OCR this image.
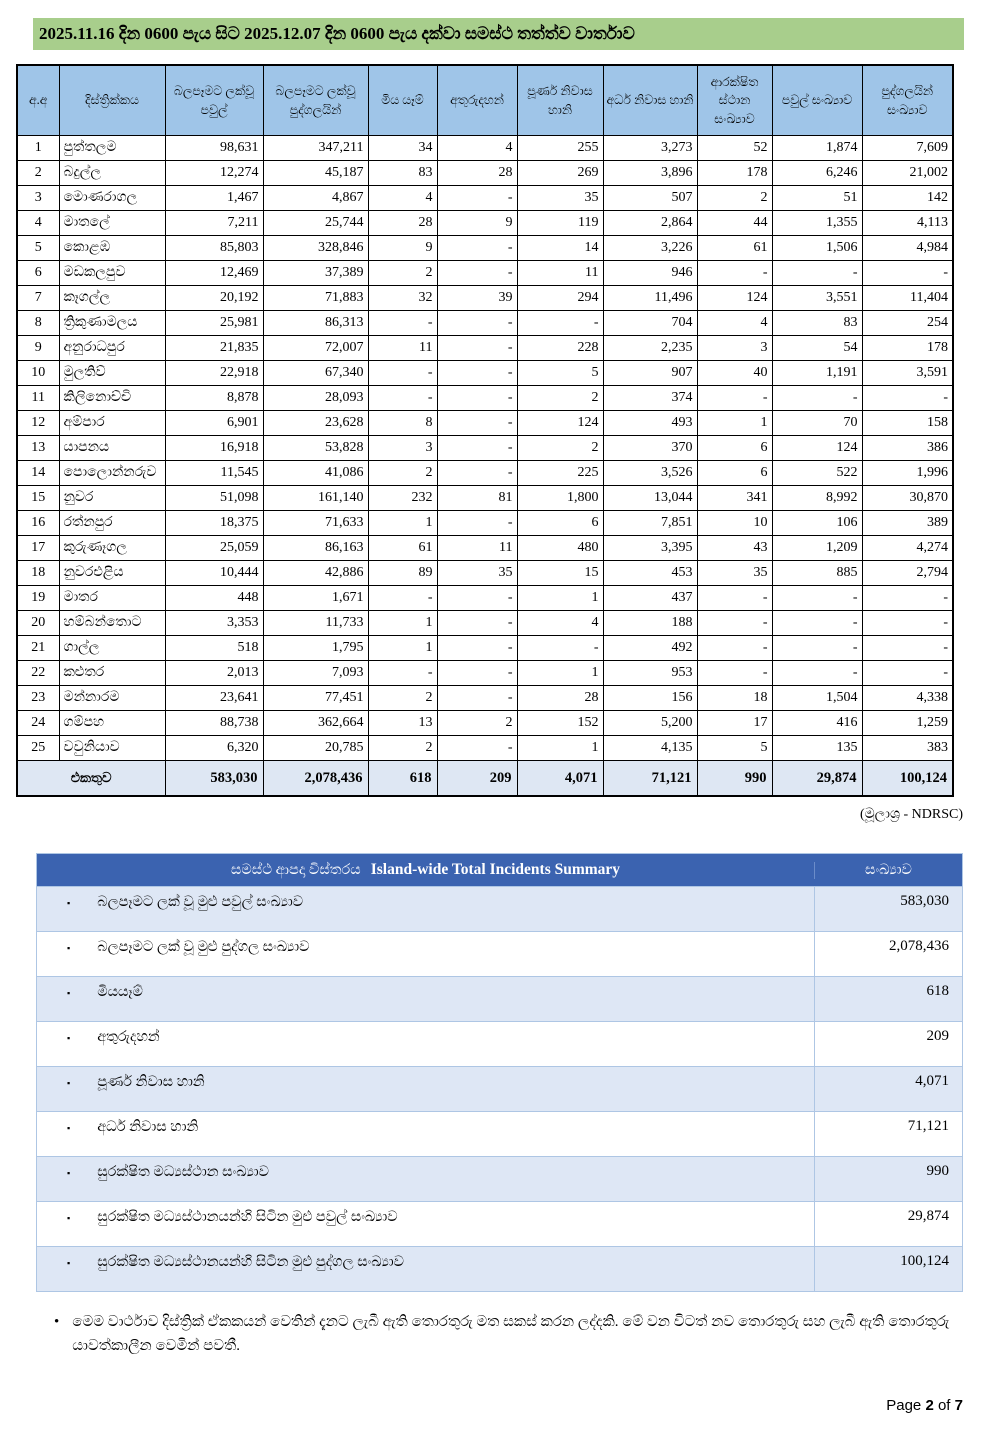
2025.11.16 දින 0600 පැය සිට 2025.12.07 දින 0600 පැය දක්වා සමස්ථ තත්ත්ව වාර්තාව
අ.අ	දිස්ත්‍රික්කය	බලපෑමට ලක්වූ පවුල්	බලපෑමට ලක්වූ පුද්ගලයින්	මිය යෑම්	අතුරුදහන්	පූර්ණ නිවාස හානි	අර්ධ නිවාස හානි	ආරක්ෂිත ස්ථාන සංඛ්‍යාව	පවුල් සංඛ්‍යාව	පුද්ගලයින් සංඛ්‍යාව
1	පුත්තලම	98,631	347,211	34	4	255	3,273	52	1,874	7,609
2	බදුල්ල	12,274	45,187	83	28	269	3,896	178	6,246	21,002
3	මොණරාගල	1,467	4,867	4	-	35	507	2	51	142
4	මාතලේ	7,211	25,744	28	9	119	2,864	44	1,355	4,113
5	කොළඹ	85,803	328,846	9	-	14	3,226	61	1,506	4,984
6	මඩකලපුව	12,469	37,389	2	-	11	946	-	-	-
7	කෑගල්ල	20,192	71,883	32	39	294	11,496	124	3,551	11,404
8	ත්‍රිකුණාමලය	25,981	86,313	-	-	-	704	4	83	254
9	අනුරාධපුර	21,835	72,007	11	-	228	2,235	3	54	178
10	මුලතිව්	22,918	67,340	-	-	5	907	40	1,191	3,591
11	කිලිනොච්චි	8,878	28,093	-	-	2	374	-	-	-
12	අම්පාර	6,901	23,628	8	-	124	493	1	70	158
13	යාපනය	16,918	53,828	3	-	2	370	6	124	386
14	පොලොන්නරුව	11,545	41,086	2	-	225	3,526	6	522	1,996
15	නුවර	51,098	161,140	232	81	1,800	13,044	341	8,992	30,870
16	රත්නපුර	18,375	71,633	1	-	6	7,851	10	106	389
17	කුරුණෑගල	25,059	86,163	61	11	480	3,395	43	1,209	4,274
18	නුවරඑළිය	10,444	42,886	89	35	15	453	35	885	2,794
19	මාතර	448	1,671	-	-	1	437	-	-	-
20	හම්බන්තොට	3,353	11,733	1	-	4	188	-	-	-
21	ගාල්ල	518	1,795	1	-	-	492	-	-	-
22	කළුතර	2,013	7,093	-	-	1	953	-	-	-
23	මන්නාරම	23,641	77,451	2	-	28	156	18	1,504	4,338
24	ගම්පහ	88,738	362,664	13	2	152	5,200	17	416	1,259
25	වවුනියාව	6,320	20,785	2	-	1	4,135	5	135	383
එකතුව		583,030	2,078,436	618	209	4,071	71,121	990	29,874	100,124
(මූලාශ්‍ර - NDRSC)
සමස්ථ ආපදා විස්තරය Island-wide Total Incidents Summary	සංඛ්‍යාව
▪ බලපෑමට ලක් වූ මුළු පවුල් සංඛ්‍යාව	583,030
▪ බලපෑමට ලක් වූ මුළු පුද්ගල සංඛ්‍යාව	2,078,436
▪ මියයෑම්	618
▪ අතුරුදහන්	209
▪ පූර්ණ නිවාස හානි	4,071
▪ අර්ධ නිවාස හානි	71,121
▪ සුරක්ෂිත මධ්‍යස්ථාන සංඛ්‍යාව	990
▪ සුරක්ෂිත මධ්‍යස්ථානයන්හි සිටින මුළු පවුල් සංඛ්‍යාව	29,874
▪ සුරක්ෂිත මධ්‍යස්ථානයන්හි සිටින මුළු පුද්ගල සංඛ්‍යාව	100,124
• මෙම වාර්ථාව දිස්ත්‍රික් ඒකකයන් වෙතින් දැනට ලැබී ඇති තොරතුරු මත සකස් කරන ලද්දකි. මේ වන විටත් නව තොරතුරු සහ ලැබී ඇති තොරතුරු යාවත්කාලීන වෙමින් පවතී.
Page 2 of 7
